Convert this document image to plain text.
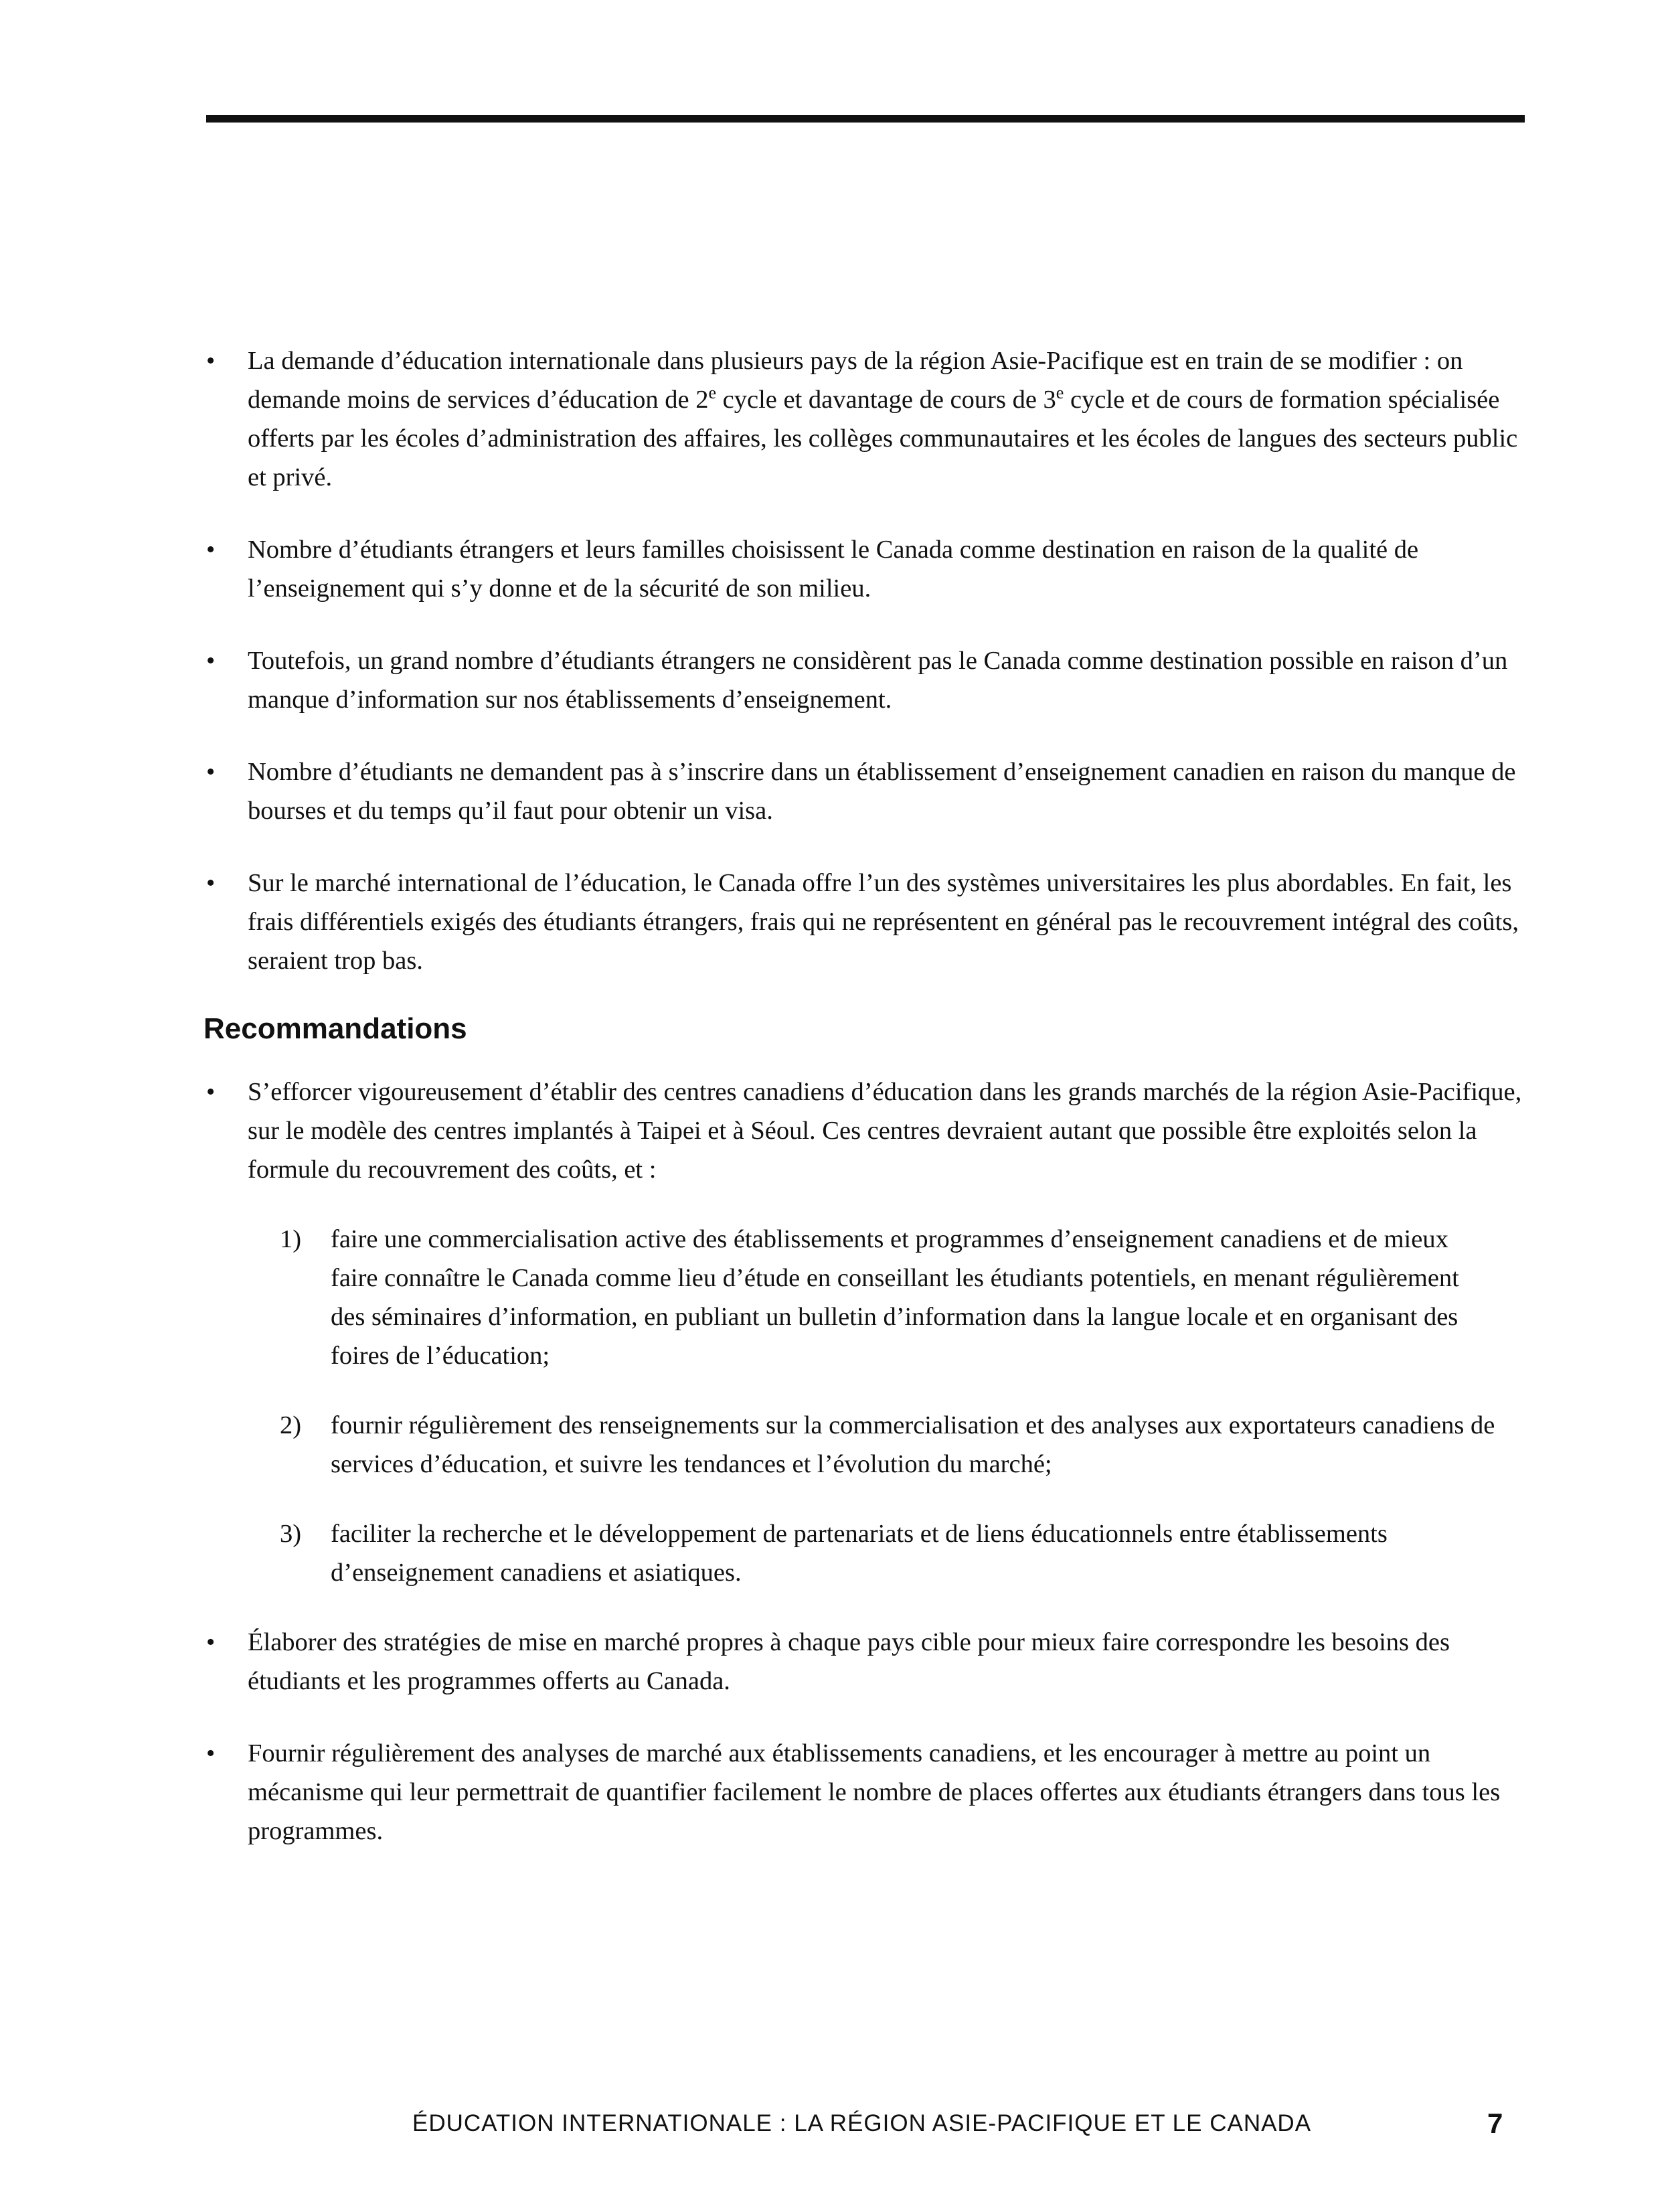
•	La demande d’éducation internationale dans plusieurs pays de la région Asie-Pacifique est en train de se modifier : on demande moins de services d’éducation de 2e cycle et davantage de cours de 3e cycle et de cours de formation spécialisée offerts par les écoles d’administration des affaires, les collèges communautaires et les écoles de langues des secteurs public et privé.

•	Nombre d’étudiants étrangers et leurs familles choisissent le Canada comme destination en raison de la qualité de l’enseignement qui s’y donne et de la sécurité de son milieu.

•	Toutefois, un grand nombre d’étudiants étrangers ne considèrent pas le Canada comme destination possible en raison d’un manque d’information sur nos établissements d’enseignement.

•	Nombre d’étudiants ne demandent pas à s’inscrire dans un établissement d’enseignement canadien en raison du manque de bourses et du temps qu’il faut pour obtenir un visa.

•	Sur le marché international de l’éducation, le Canada offre l’un des systèmes universitaires les plus abordables. En fait, les frais différentiels exigés des étudiants étrangers, frais qui ne représentent en général pas le recouvrement intégral des coûts, seraient trop bas.

Recommandations
•	S’efforcer vigoureusement d’établir des centres canadiens d’éducation dans les grands marchés de la région Asie-Pacifique, sur le modèle des centres implantés à Taipei et à Séoul. Ces centres devraient autant que possible être exploités selon la formule du recouvrement des coûts, et :

1) faire une commercialisation active des établissements et programmes d’enseignement canadiens et de mieux faire connaître le Canada comme lieu d’étude en conseillant les étudiants potentiels, en menant régulièrement des séminaires d’information, en publiant un bulletin d’information dans la langue locale et en organisant des foires de l’éducation;

2) fournir régulièrement des renseignements sur la commercialisation et des analyses aux exportateurs canadiens de services d’éducation, et suivre les tendances et l’évolution du marché;

3) faciliter la recherche et le développement de partenariats et de liens éducationnels entre établissements d’enseignement canadiens et asiatiques.

•	Élaborer des stratégies de mise en marché propres à chaque pays cible pour mieux faire correspondre les besoins des étudiants et les programmes offerts au Canada.

•	Fournir régulièrement des analyses de marché aux établissements canadiens, et les encourager à mettre au point un mécanisme qui leur permettrait de quantifier facilement le nombre de places offertes aux étudiants étrangers dans tous les programmes.

ÉDUCATION INTERNATIONALE : LA RÉGION ASIE-PACIFIQUE ET LE CANADA	7
